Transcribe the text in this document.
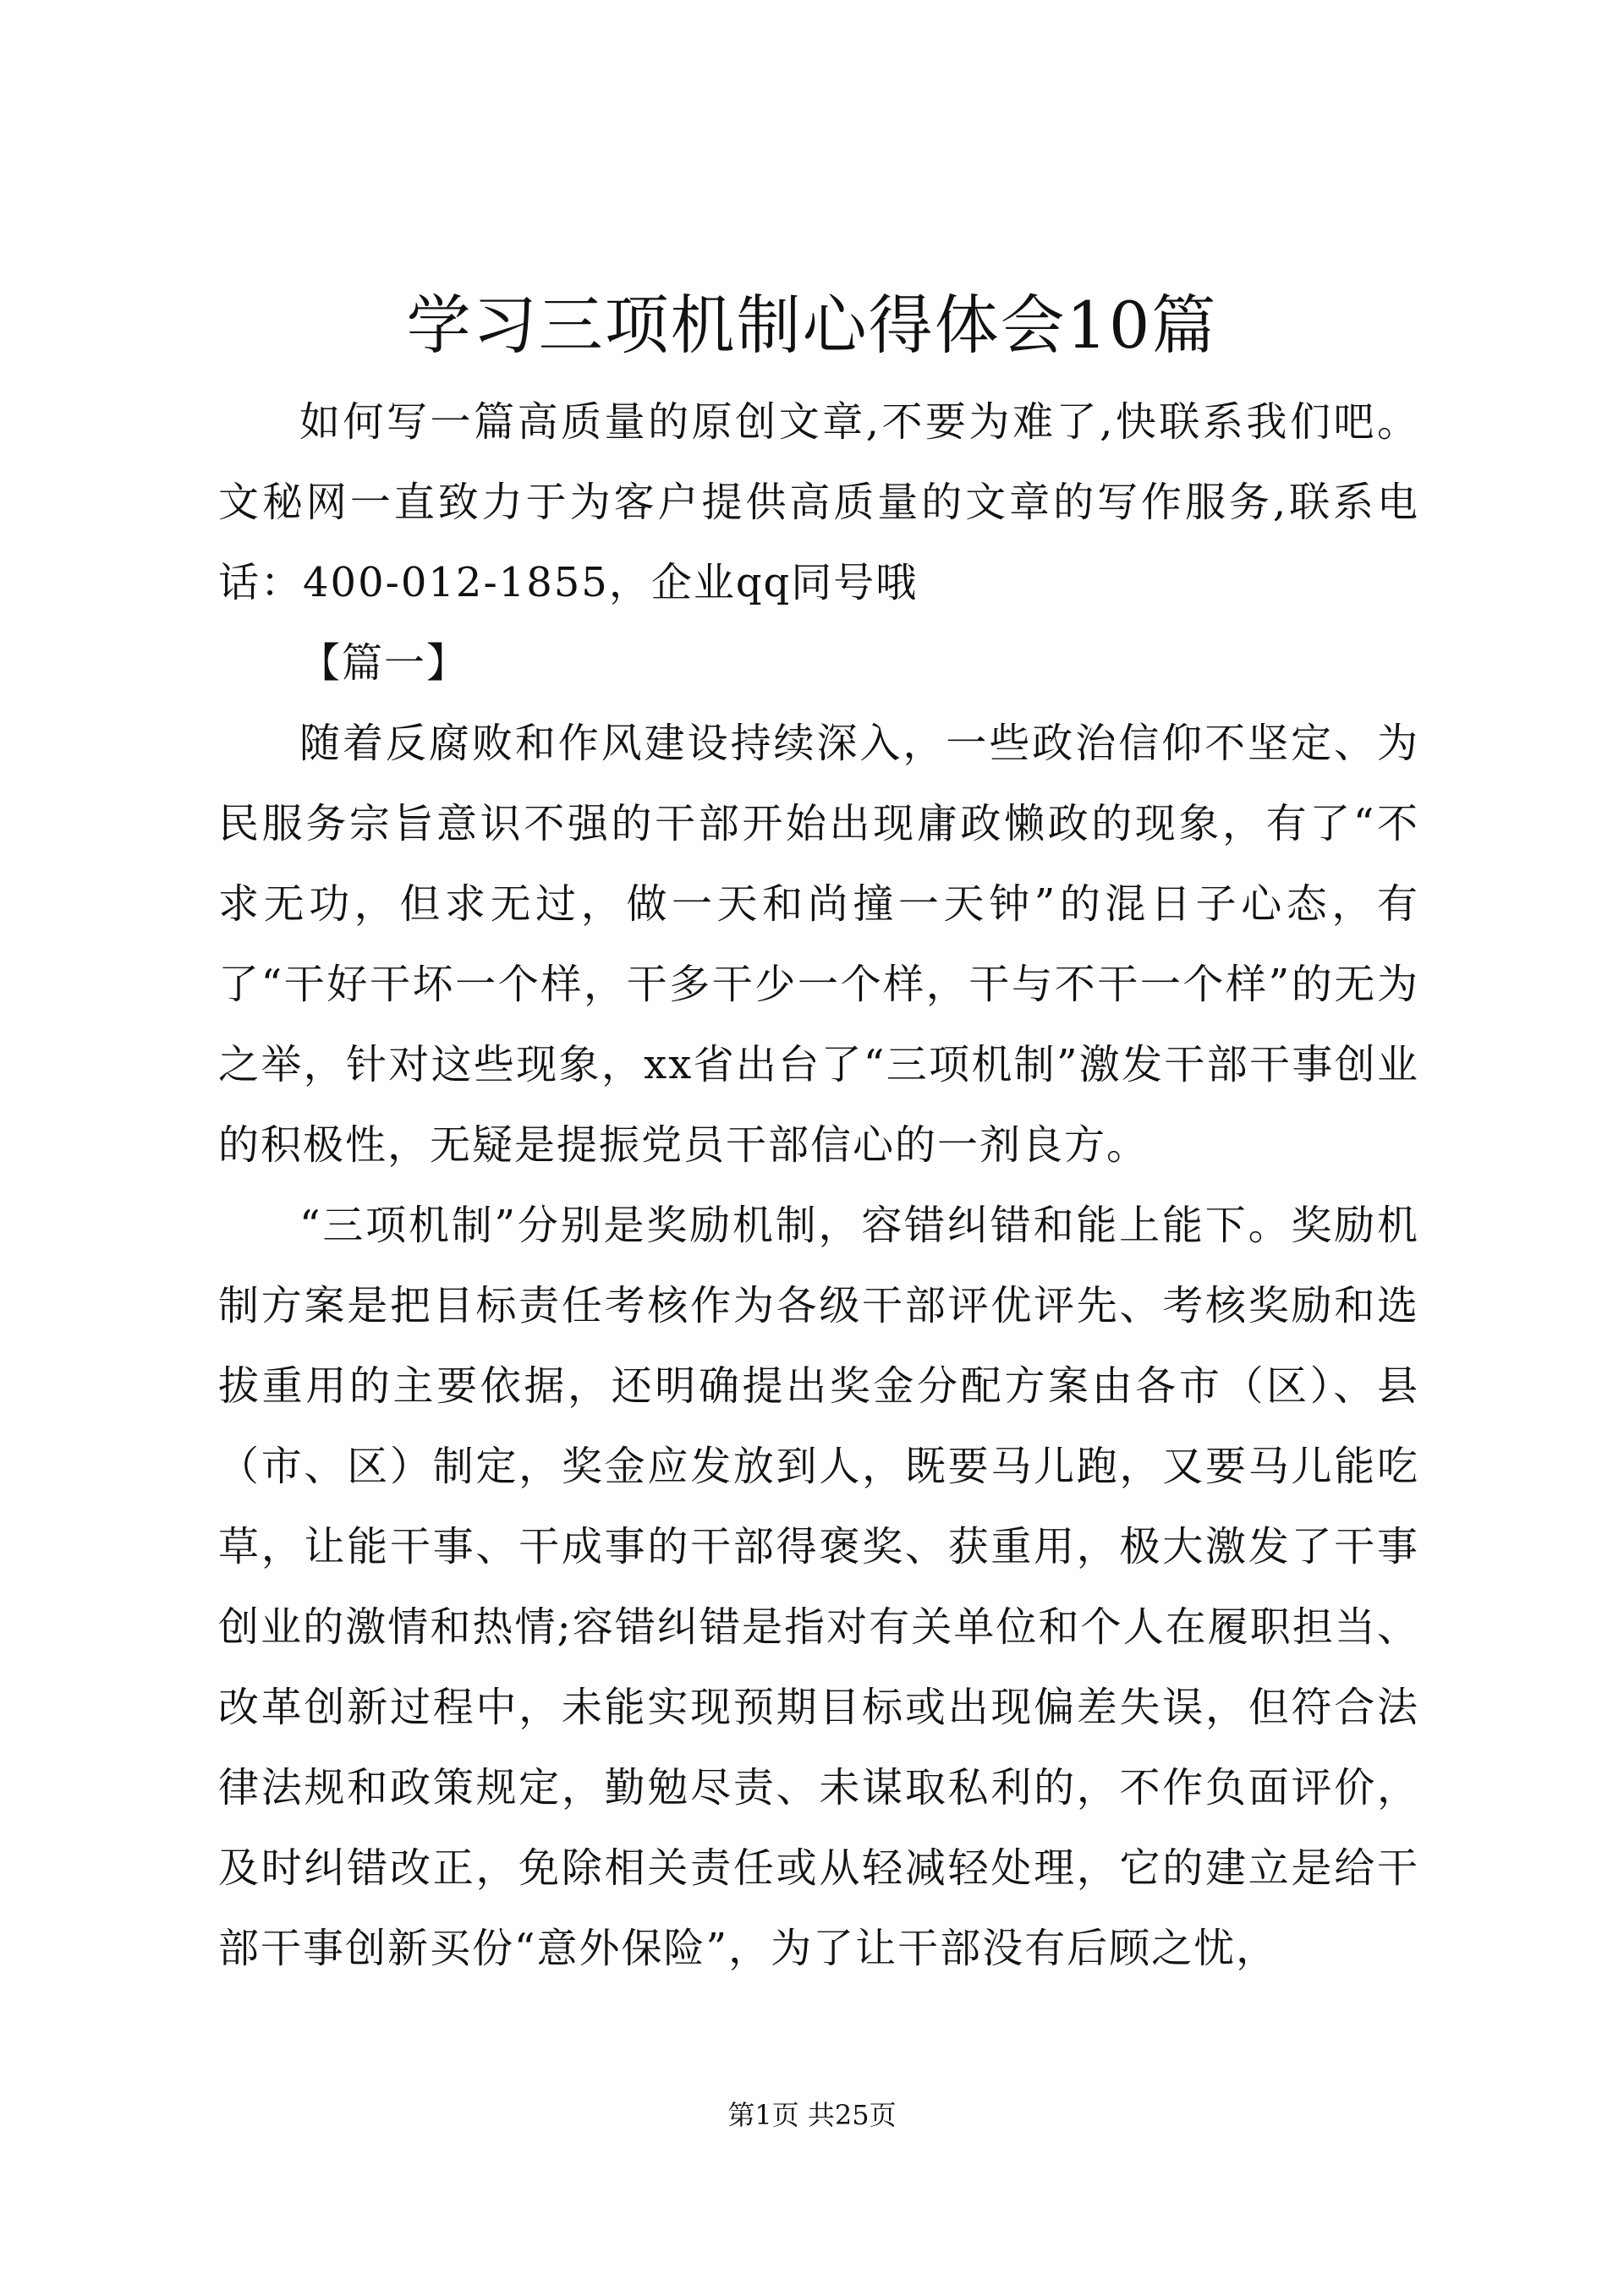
学习三项机制心得体会10篇

如何写一篇高质量的原创文章,不要为难了,快联系我们吧。文秘网一直致力于为客户提供高质量的文章的写作服务,联系电话：400-012-1855，企业qq同号哦

【篇一】

随着反腐败和作风建设持续深入，一些政治信仰不坚定、为民服务宗旨意识不强的干部开始出现庸政懒政的现象，有了“不求无功，但求无过，做一天和尚撞一天钟”的混日子心态，有了“干好干坏一个样，干多干少一个样，干与不干一个样”的无为之举，针对这些现象，xx省出台了“三项机制”激发干部干事创业的积极性，无疑是提振党员干部信心的一剂良方。

“三项机制”分别是奖励机制，容错纠错和能上能下。奖励机制方案是把目标责任考核作为各级干部评优评先、考核奖励和选拔重用的主要依据，还明确提出奖金分配方案由各市（区）、县（市、区）制定，奖金应发放到人，既要马儿跑，又要马儿能吃草，让能干事、干成事的干部得褒奖、获重用，极大激发了干事创业的激情和热情;容错纠错是指对有关单位和个人在履职担当、改革创新过程中，未能实现预期目标或出现偏差失误，但符合法律法规和政策规定，勤勉尽责、未谋取私利的，不作负面评价，及时纠错改正，免除相关责任或从轻减轻处理，它的建立是给干部干事创新买份“意外保险”，为了让干部没有后顾之忧，

第1页 共25页
